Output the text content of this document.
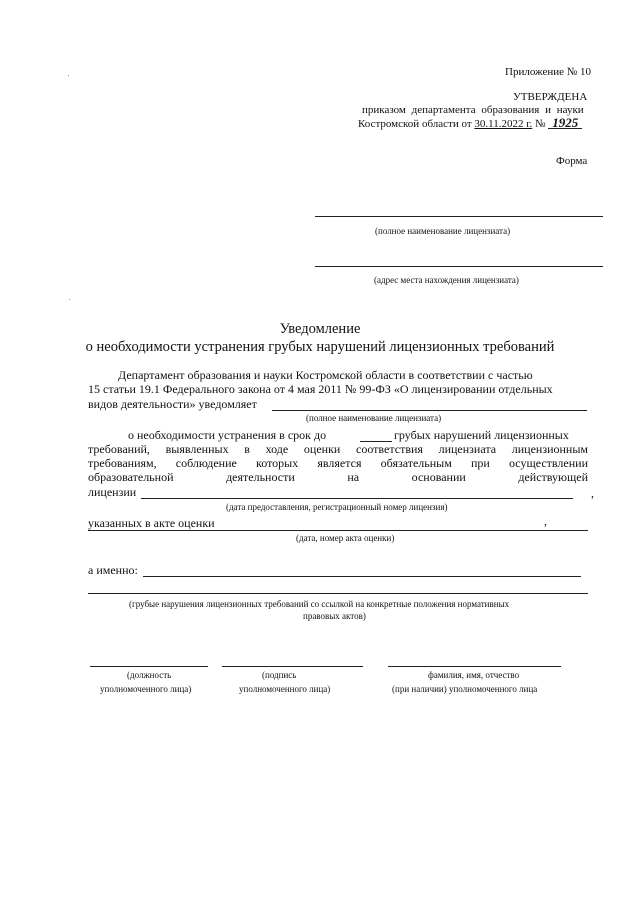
Приложение № 10
УТВЕРЖДЕНА
приказом департамента образования и науки
Костромской области от 30.11.2022 г. № 1925
Форма
(полное наименование лицензиата)
(адрес места нахождения лицензиата)
Уведомление
о необходимости устранения грубых нарушений лицензионных требований
Департамент образования и науки Костромской области в соответствии с частью
15 статьи 19.1 Федерального закона от 4 мая 2011 № 99-ФЗ «О лицензировании отдельных
видов деятельности» уведомляет
(полное наименование лицензиата)
о необходимости устранения в срок до	грубых нарушений лицензионных
требований, выявленных в ходе оценки соответствия лицензиата лицензионным
требованиям, соблюдение которых является обязательным при осуществлении
образовательной деятельности на основании действующей
лицензии	,
(дата предоставления, регистрационный номер лицензия)
указанных в акте оценки	,
(дата, номер акта оценки)
а именно:
(грубые нарушения лицензионных требований со ссылкой на конкретные положения нормативных
правовых актов)
(должность
уполномоченного лица)
(подпись
уполномоченного лица)
фамилия, имя, отчество
(при наличии) уполномоченного лица
